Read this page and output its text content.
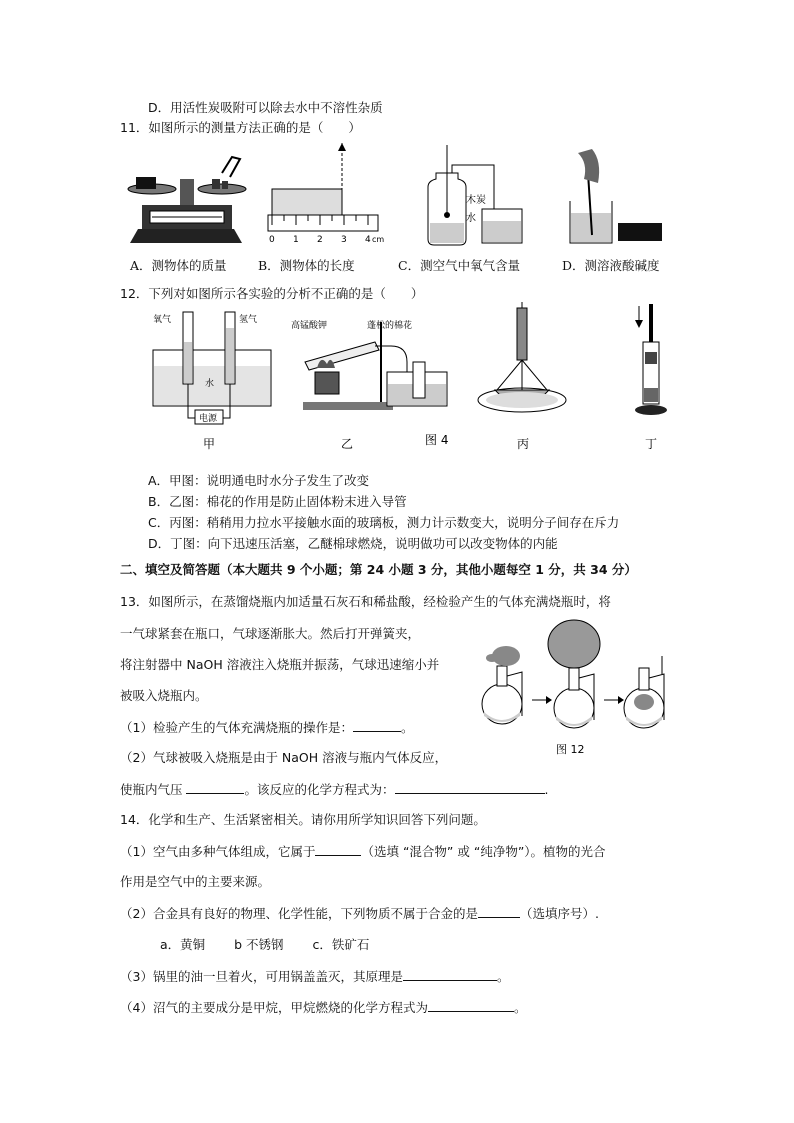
D．用活性炭吸附可以除去水中不溶性杂质
11．如图所示的测量方法正确的是（　　）
0 1 2 3 4 cm
木炭
水
A．测物体的质量	B．测物体的长度	C．测空气中氧气含量	D．测溶液酸碱度
12．下列对如图所示各实验的分析不正确的是（　　）
电源
氧气	氢气
水
高锰酸钾	蓬松的棉花
图 4
甲	乙	丙	丁
A．甲图：说明通电时水分子发生了改变
B．乙图：棉花的作用是防止固体粉末进入导管
C．丙图：稍稍用力拉水平接触水面的玻璃板，测力计示数变大，说明分子间存在斥力
D．丁图：向下迅速压活塞，乙醚棉球燃烧，说明做功可以改变物体的内能
二、填空及简答题（本大题共 9 个小题；第 24 小题 3 分，其他小题每空 1 分，共 34 分）
13．如图所示，在蒸馏烧瓶内加适量石灰石和稀盐酸，经检验产生的气体充满烧瓶时，将
一气球紧套在瓶口，气球逐渐胀大。然后打开弹簧夹，
将注射器中 NaOH 溶液注入烧瓶并振荡，气球迅速缩小并
被吸入烧瓶内。
（1）检验产生的气体充满烧瓶的操作是：	。
（2）气球被吸入烧瓶是由于 NaOH 溶液与瓶内气体反应，
使瓶内气压	。该反应的化学方程式为：	.
图 12
14．化学和生产、生活紧密相关。请你用所学知识回答下列问题。
（1）空气由多种气体组成，它属于	（选填 “混合物” 或 “纯净物”）。植物的光合
作用是空气中的主要来源。
（2）合金具有良好的物理、化学性能，下列物质不属于合金的是	（选填序号）.
a．黄铜　　 b 不锈钢　　 c．铁矿石
（3）锅里的油一旦着火，可用锅盖盖灭，其原理是	。
（4）沼气的主要成分是甲烷，甲烷燃烧的化学方程式为	。
